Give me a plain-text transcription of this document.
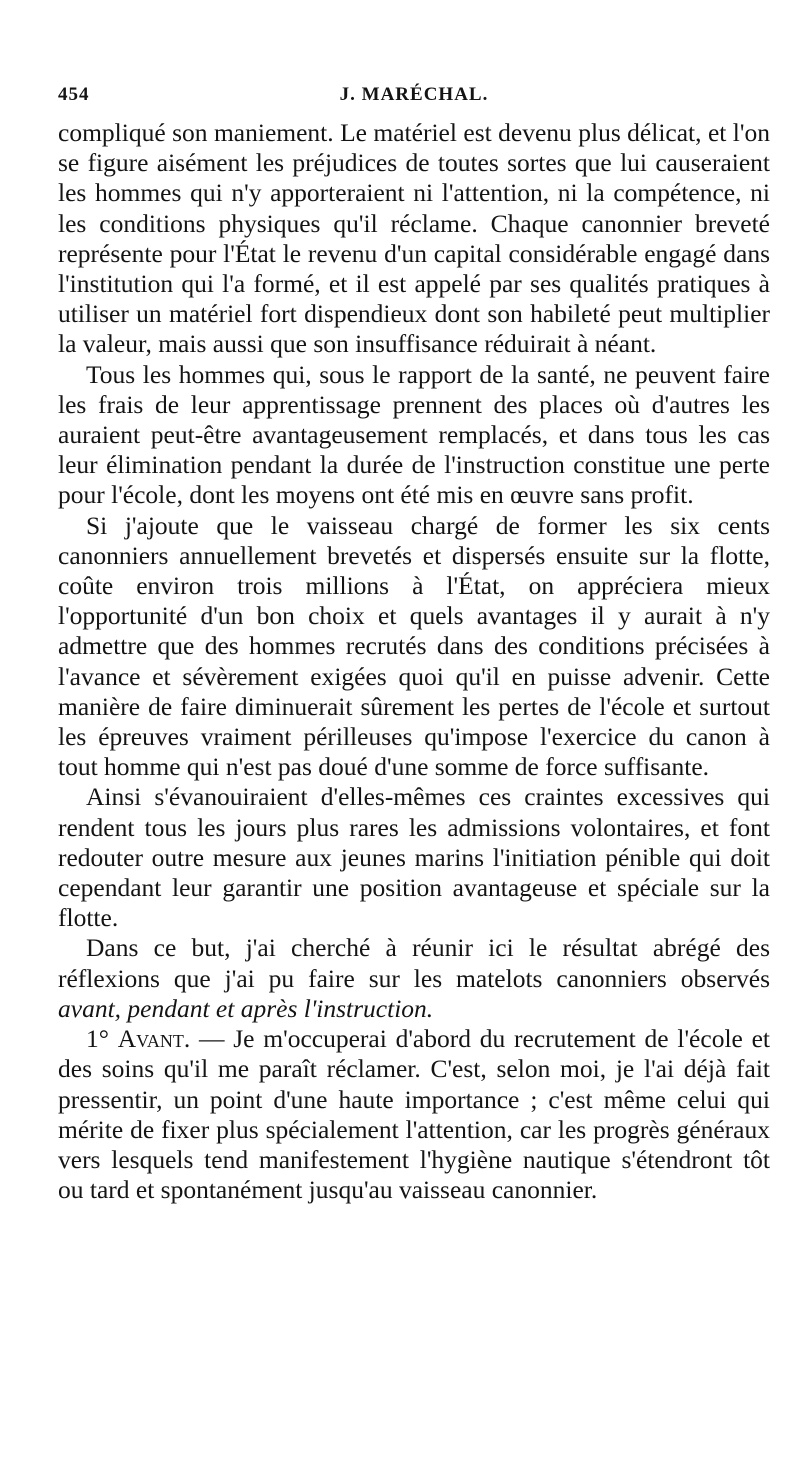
454	J. MARÉCHAL.

compliqué son maniement. Le matériel est devenu plus délicat, et l'on se figure aisément les préjudices de toutes sortes que lui causeraient les hommes qui n'y apporteraient ni l'attention, ni la compétence, ni les conditions physiques qu'il réclame. Chaque canonnier breveté représente pour l'État le revenu d'un capital considérable engagé dans l'institution qui l'a formé, et il est appelé par ses qualités pratiques à utiliser un matériel fort dispendieux dont son habileté peut multiplier la valeur, mais aussi que son insuffisance réduirait à néant.

Tous les hommes qui, sous le rapport de la santé, ne peuvent faire les frais de leur apprentissage prennent des places où d'autres les auraient peut-être avantageusement remplacés, et dans tous les cas leur élimination pendant la durée de l'instruction constitue une perte pour l'école, dont les moyens ont été mis en œuvre sans profit.

Si j'ajoute que le vaisseau chargé de former les six cents canonniers annuellement brevetés et dispersés ensuite sur la flotte, coûte environ trois millions à l'État, on appréciera mieux l'opportunité d'un bon choix et quels avantages il y aurait à n'y admettre que des hommes recrutés dans des conditions précisées à l'avance et sévèrement exigées quoi qu'il en puisse advenir. Cette manière de faire diminuerait sûrement les pertes de l'école et surtout les épreuves vraiment périlleuses qu'impose l'exercice du canon à tout homme qui n'est pas doué d'une somme de force suffisante.

Ainsi s'évanouiraient d'elles-mêmes ces craintes excessives qui rendent tous les jours plus rares les admissions volontaires, et font redouter outre mesure aux jeunes marins l'initiation pénible qui doit cependant leur garantir une position avantageuse et spéciale sur la flotte.

Dans ce but, j'ai cherché à réunir ici le résultat abrégé des réflexions que j'ai pu faire sur les matelots canonniers observés avant, pendant et après l'instruction.

1° Avant. — Je m'occuperai d'abord du recrutement de l'école et des soins qu'il me paraît réclamer. C'est, selon moi, je l'ai déjà fait pressentir, un point d'une haute importance ; c'est même celui qui mérite de fixer plus spécialement l'attention, car les progrès généraux vers lesquels tend manifestement l'hygiène nautique s'étendront tôt ou tard et spontanément jusqu'au vaisseau canonnier.
